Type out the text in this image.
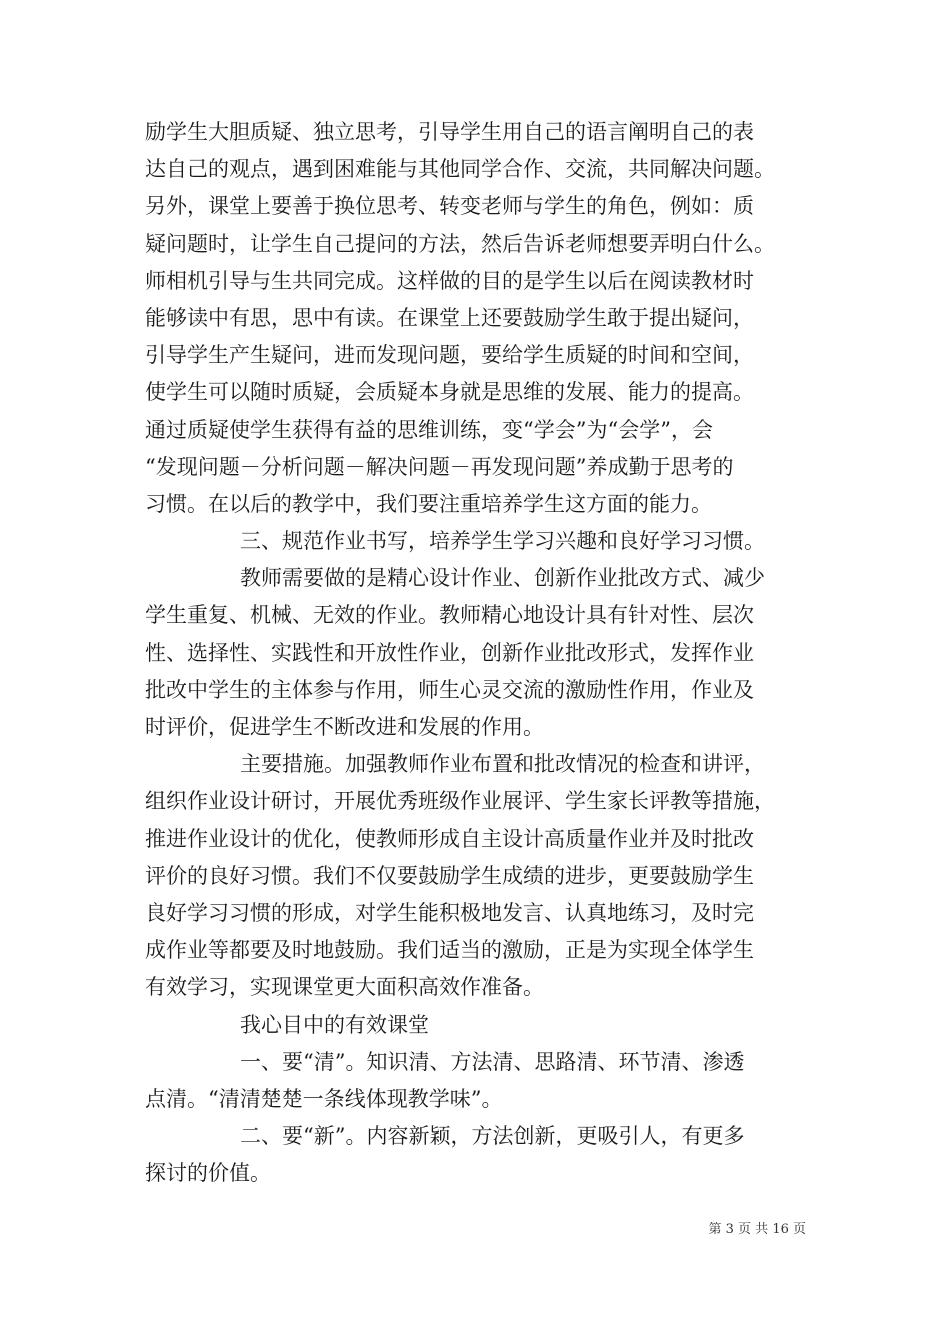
励学生大胆质疑、独立思考，引导学生用自己的语言阐明自己的表
达自己的观点，遇到困难能与其他同学合作、交流，共同解决问题。
另外，课堂上要善于换位思考、转变老师与学生的角色，例如：质
疑问题时，让学生自己提问的方法，然后告诉老师想要弄明白什么。
师相机引导与生共同完成。这样做的目的是学生以后在阅读教材时
能够读中有思，思中有读。在课堂上还要鼓励学生敢于提出疑问，
引导学生产生疑问，进而发现问题，要给学生质疑的时间和空间，
使学生可以随时质疑，会质疑本身就是思维的发展、能力的提高。
通过质疑使学生获得有益的思维训练，变“学会”为“会学”，会
“发现问题－分析问题－解决问题－再发现问题”养成勤于思考的
习惯。在以后的教学中，我们要注重培养学生这方面的能力。
三、规范作业书写，培养学生学习兴趣和良好学习习惯。
教师需要做的是精心设计作业、创新作业批改方式、减少
学生重复、机械、无效的作业。教师精心地设计具有针对性、层次
性、选择性、实践性和开放性作业，创新作业批改形式，发挥作业
批改中学生的主体参与作用，师生心灵交流的激励性作用，作业及
时评价，促进学生不断改进和发展的作用。
主要措施。加强教师作业布置和批改情况的检查和讲评，
组织作业设计研讨，开展优秀班级作业展评、学生家长评教等措施，
推进作业设计的优化，使教师形成自主设计高质量作业并及时批改
评价的良好习惯。我们不仅要鼓励学生成绩的进步，更要鼓励学生
良好学习习惯的形成，对学生能积极地发言、认真地练习，及时完
成作业等都要及时地鼓励。我们适当的激励，正是为实现全体学生
有效学习，实现课堂更大面积高效作准备。
我心目中的有效课堂
一、要“清”。知识清、方法清、思路清、环节清、渗透
点清。“清清楚楚一条线体现教学味”。
二、要“新”。内容新颖，方法创新，更吸引人，有更多
探讨的价值。
第 3 页 共 16 页
